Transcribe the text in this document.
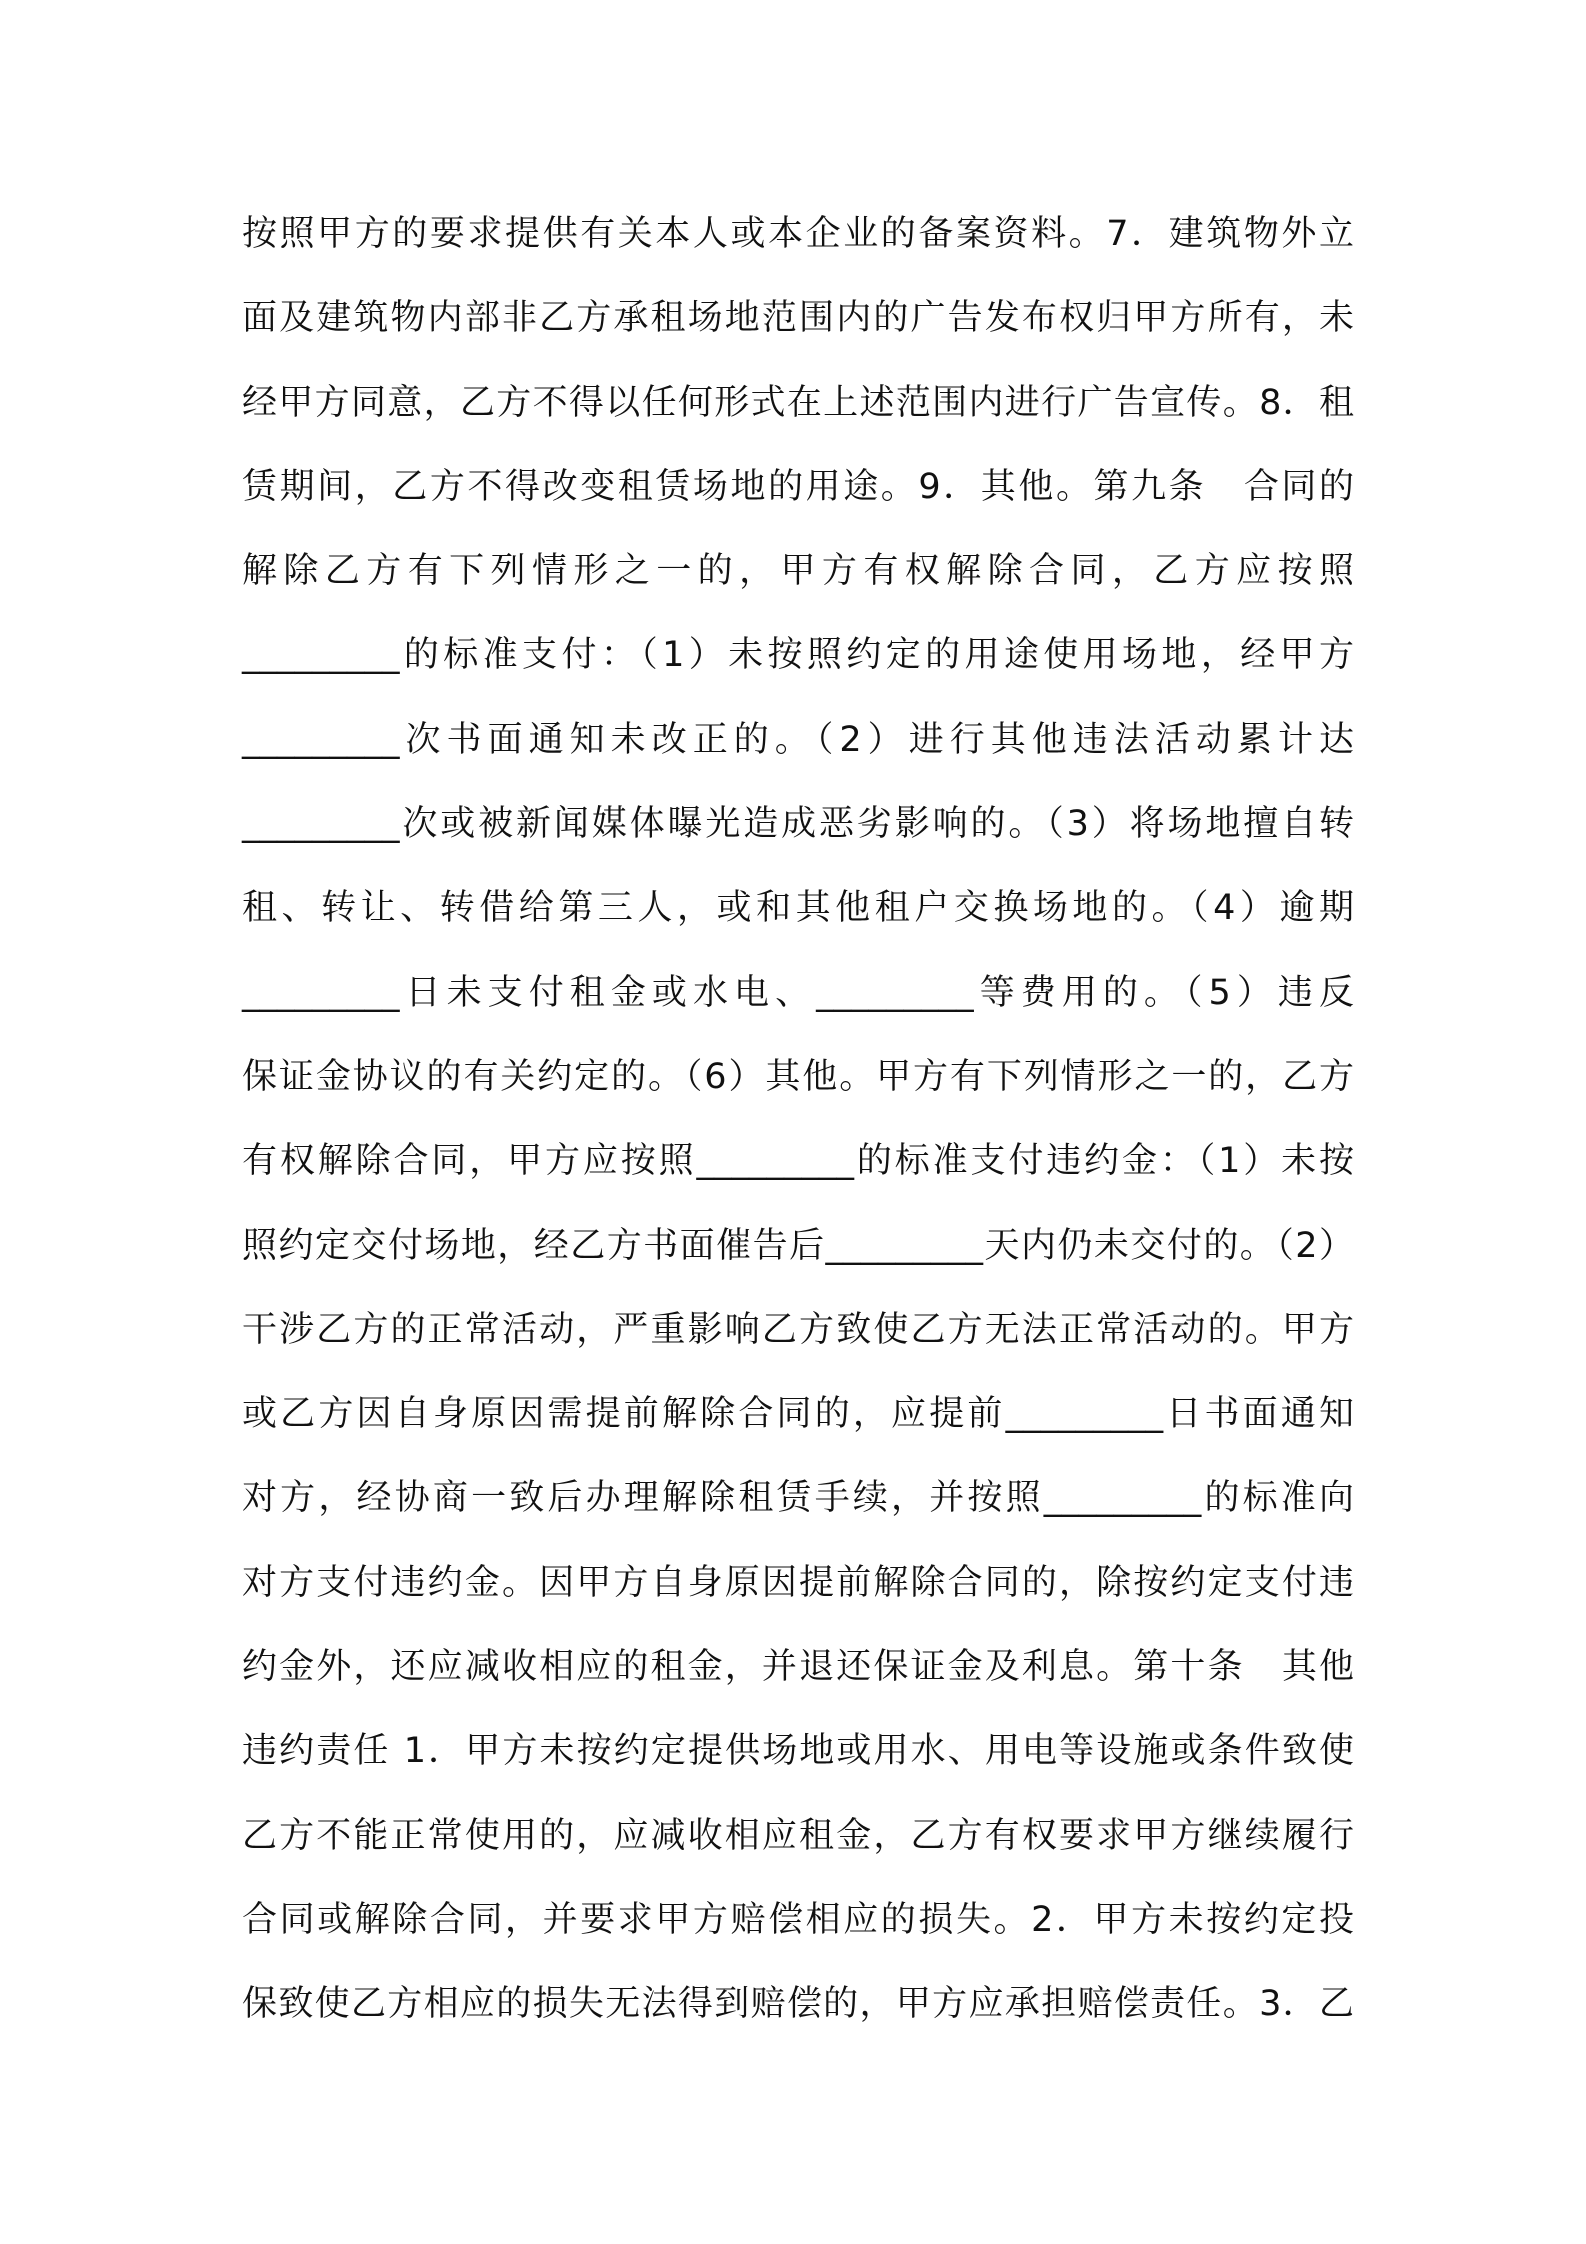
按照甲方的要求提供有关本人或本企业的备案资料。7．建筑物外立
面及建筑物内部非乙方承租场地范围内的广告发布权归甲方所有，未
经甲方同意，乙方不得以任何形式在上述范围内进行广告宣传。8．租
赁期间，乙方不得改变租赁场地的用途。9．其他。第九条　合同的
解除乙方有下列情形之一的，甲方有权解除合同，乙方应按照
_________的标准支付：（1）未按照约定的用途使用场地，经甲方
_________次书面通知未改正的。（2）进行其他违法活动累计达
_________次或被新闻媒体曝光造成恶劣影响的。（3）将场地擅自转
租、转让、转借给第三人，或和其他租户交换场地的。（4）逾期
_________日未支付租金或水电、_________等费用的。（5）违反
保证金协议的有关约定的。（6）其他。甲方有下列情形之一的，乙方
有权解除合同，甲方应按照_________的标准支付违约金：（1）未按
照约定交付场地，经乙方书面催告后_________天内仍未交付的。（2）
干涉乙方的正常活动，严重影响乙方致使乙方无法正常活动的。甲方
或乙方因自身原因需提前解除合同的，应提前_________日书面通知
对方，经协商一致后办理解除租赁手续，并按照_________的标准向
对方支付违约金。因甲方自身原因提前解除合同的，除按约定支付违
约金外，还应减收相应的租金，并退还保证金及利息。第十条　其他
违约责任 1．甲方未按约定提供场地或用水、用电等设施或条件致使
乙方不能正常使用的，应减收相应租金，乙方有权要求甲方继续履行
合同或解除合同，并要求甲方赔偿相应的损失。2．甲方未按约定投
保致使乙方相应的损失无法得到赔偿的，甲方应承担赔偿责任。3．乙
